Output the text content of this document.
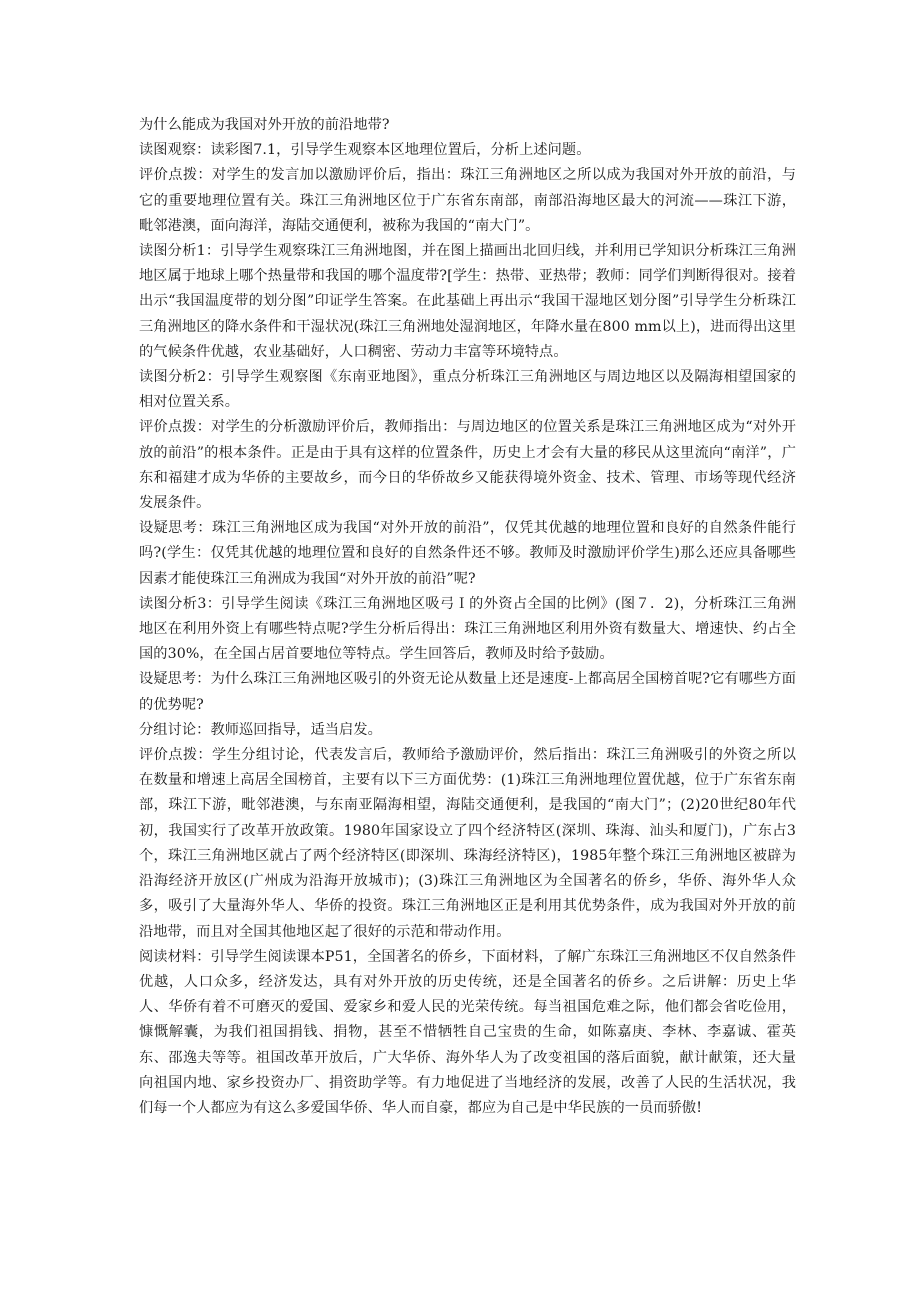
为什么能成为我国对外开放的前沿地带?

读图观察：读彩图7.1，引导学生观察本区地理位置后，分析上述问题。

评价点拨：对学生的发言加以激励评价后，指出：珠江三角洲地区之所以成为我国对外开放的前沿，与它的重要地理位置有关。珠江三角洲地区位于广东省东南部，南部沿海地区最大的河流——珠江下游，毗邻港澳，面向海洋，海陆交通便利，被称为我国的“南大门”。

读图分析1：引导学生观察珠江三角洲地图，并在图上描画出北回归线，并利用已学知识分析珠江三角洲地区属于地球上哪个热量带和我国的哪个温度带?[学生：热带、亚热带；教师：同学们判断得很对。接着出示“我国温度带的划分图”印证学生答案。在此基础上再出示“我国干湿地区划分图”引导学生分析珠江三角洲地区的降水条件和干湿状况(珠江三角洲地处湿润地区，年降水量在800 mm以上)，进而得出这里的气候条件优越，农业基础好，人口稠密、劳动力丰富等环境特点。

读图分析2：引导学生观察图《东南亚地图》，重点分析珠江三角洲地区与周边地区以及隔海相望国家的相对位置关系。

评价点拨：对学生的分析激励评价后，教师指出：与周边地区的位置关系是珠江三角洲地区成为“对外开放的前沿”的根本条件。正是由于具有这样的位置条件，历史上才会有大量的移民从这里流向“南洋”，广东和福建才成为华侨的主要故乡，而今日的华侨故乡又能获得境外资金、技术、管理、市场等现代经济发展条件。

设疑思考：珠江三角洲地区成为我国“对外开放的前沿”，仅凭其优越的地理位置和良好的自然条件能行吗?(学生：仅凭其优越的地理位置和良好的自然条件还不够。教师及时激励评价学生)那么还应具备哪些因素才能使珠江三角洲成为我国“对外开放的前沿”呢?

读图分析3：引导学生阅读《珠江三角洲地区吸弓Ｉ的外资占全国的比例》(图７．2)，分析珠江三角洲地区在利用外资上有哪些特点呢?学生分析后得出：珠江三角洲地区利用外资有数量大、增速快、约占全国的30%，在全国占居首要地位等特点。学生回答后，教师及时给予鼓励。

设疑思考：为什么珠江三角洲地区吸引的外资无论从数量上还是速度-上都高居全国榜首呢?它有哪些方面的优势呢?

分组讨论：教师巡回指导，适当启发。

评价点拨：学生分组讨论，代表发言后，教师给予激励评价，然后指出：珠江三角洲吸引的外资之所以在数量和增速上高居全国榜首，主要有以下三方面优势：(1)珠江三角洲地理位置优越，位于广东省东南部，珠江下游，毗邻港澳，与东南亚隔海相望，海陆交通便利，是我国的“南大门”；(2)20世纪80年代初，我国实行了改革开放政策。1980年国家设立了四个经济特区(深圳、珠海、汕头和厦门)，广东占3个，珠江三角洲地区就占了两个经济特区(即深圳、珠海经济特区)，1985年整个珠江三角洲地区被辟为沿海经济开放区(广州成为沿海开放城市)；(3)珠江三角洲地区为全国著名的侨乡，华侨、海外华人众多，吸引了大量海外华人、华侨的投资。珠江三角洲地区正是利用其优势条件，成为我国对外开放的前沿地带，而且对全国其他地区起了很好的示范和带动作用。

阅读材料：引导学生阅读课本P51，全国著名的侨乡，下面材料，了解广东珠江三角洲地区不仅自然条件优越，人口众多，经济发达，具有对外开放的历史传统，还是全国著名的侨乡。之后讲解：历史上华人、华侨有着不可磨灭的爱国、爱家乡和爱人民的光荣传统。每当祖国危难之际，他们都会省吃俭用，慷慨解囊，为我们祖国捐钱、捐物，甚至不惜牺牲自己宝贵的生命，如陈嘉庚、李林、李嘉诚、霍英东、邵逸夫等等。祖国改革开放后，广大华侨、海外华人为了改变祖国的落后面貌，献计献策，还大量向祖国内地、家乡投资办厂、捐资助学等。有力地促进了当地经济的发展，改善了人民的生活状况，我们每一个人都应为有这么多爱国华侨、华人而自豪，都应为自己是中华民族的一员而骄傲!
